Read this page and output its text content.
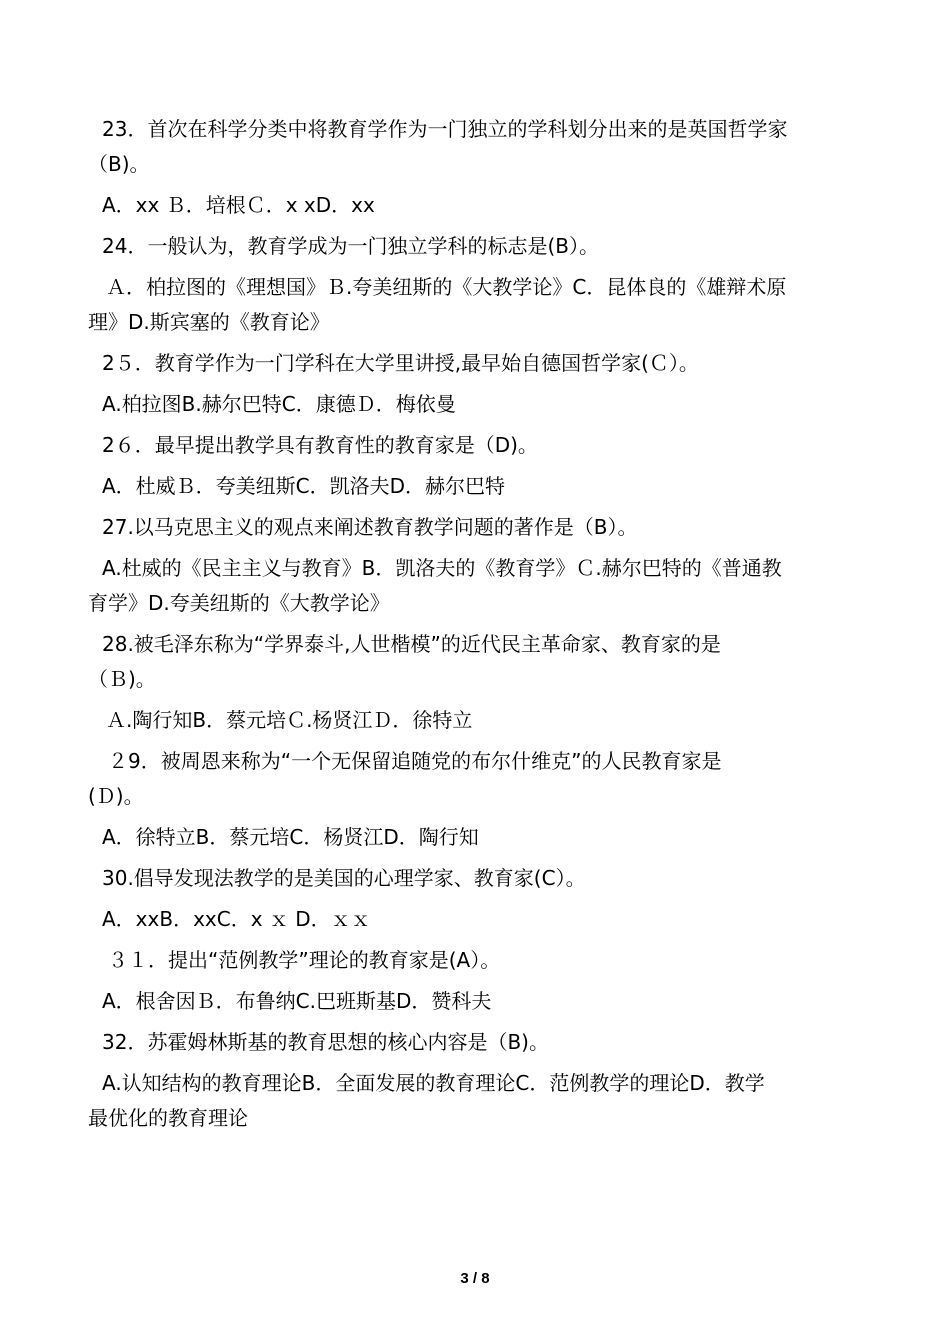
23．首次在科学分类中将教育学作为一门独立的学科划分出来的是英国哲学家
（B)。
A．xx Ｂ．培根Ｃ．x xD．xx
24．一般认为，教育学成为一门独立学科的标志是(B）。
Ａ．柏拉图的《理想国》Ｂ.夸美纽斯的《大教学论》C．昆体良的《雄辩术原
理》D.斯宾塞的《教育论》
2５．教育学作为一门学科在大学里讲授,最早始自德国哲学家(Ｃ）。
A.柏拉图B.赫尔巴特C．康德Ｄ．梅依曼
2６．最早提出教学具有教育性的教育家是（D)。
A．杜威Ｂ．夸美纽斯C．凯洛夫D．赫尔巴特
27.以马克思主义的观点来阐述教育教学问题的著作是（B）。
A.杜威的《民主主义与教育》B．凯洛夫的《教育学》Ｃ.赫尔巴特的《普通教
育学》D.夸美纽斯的《大教学论》
28.被毛泽东称为“学界泰斗,人世楷模”的近代民主革命家、教育家的是
（Ｂ)。
Ａ.陶行知B．蔡元培Ｃ.杨贤江Ｄ．徐特立
２9．被周恩来称为“一个无保留追随党的布尔什维克”的人民教育家是
(Ｄ)。
A．徐特立B．蔡元培C．杨贤江D．陶行知
30.倡导发现法教学的是美国的心理学家、教育家(C）。
A．xxB．xxC．x ｘ D．ｘｘ
３１．提出“范例教学”理论的教育家是(A）。
A．根舍因Ｂ．布鲁纳C.巴班斯基D．赞科夫
32．苏霍姆林斯基的教育思想的核心内容是（B)。
A.认知结构的教育理论B．全面发展的教育理论C．范例教学的理论D．教学
最优化的教育理论
3 / 8
